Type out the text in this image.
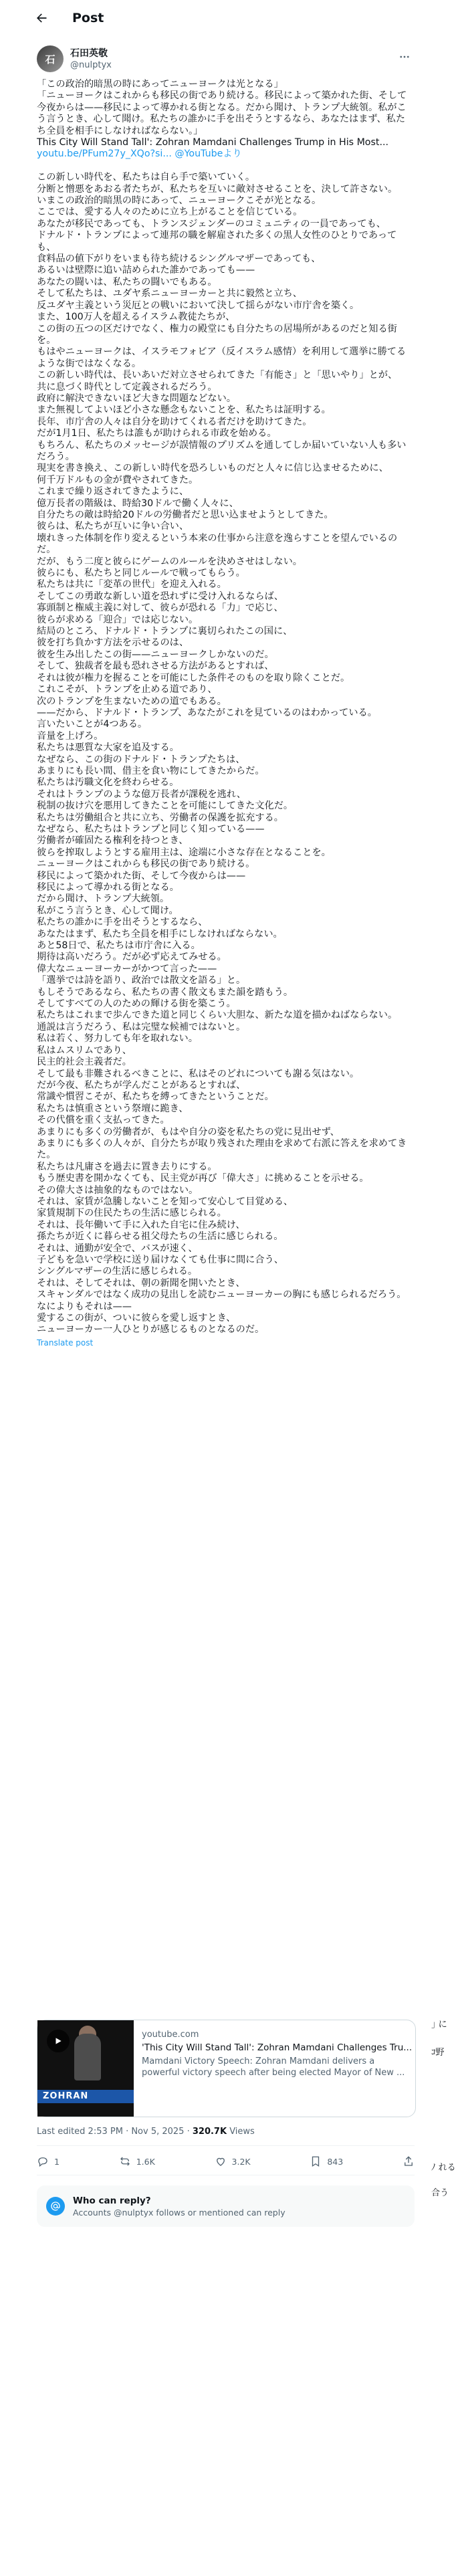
Post
石	石田英敬
@nulptyx
「この政治的暗黒の時にあってニューヨークは光となる」
「ニューヨークはこれからも移民の街であり続ける。移民によって築かれた街、そして今夜からは——移民によって導かれる街となる。だから聞け、トランプ大統領。私がこう言うとき、心して聞け。私たちの誰かに手を出そうとするなら、あなたはまず、私たち全員を相手にしなければならない。」
This City Will Stand Tall': Zohran Mamdani Challenges Trump in His Most... youtu.be/PFum27y_XQo?si... @YouTubeより
この新しい時代を、私たちは自ら手で築いていく。
分断と憎悪をあおる者たちが、私たちを互いに敵対させることを、決して許さない。
いまこの政治的暗黒の時にあって、ニューヨークこそが光となる。
ここでは、愛する人々のために立ち上がることを信じている。
あなたが移民であっても、トランスジェンダーのコミュニティの一員であっても、
ドナルド・トランプによって連邦の職を解雇された多くの黒人女性のひとりであっても、
食料品の値下がりをいまも待ち続けるシングルマザーであっても、
あるいは壁際に追い詰められた誰かであっても——
あなたの闘いは、私たちの闘いでもある。
そして私たちは、ユダヤ系ニューヨーカーと共に毅然と立ち、
反ユダヤ主義という災厄との戦いにおいて決して揺らがない市庁舎を築く。
また、100万人を超えるイスラム教徒たちが、
この街の五つの区だけでなく、権力の殿堂にも自分たちの居場所があるのだと知る街を。
もはやニューヨークは、イスラモフォビア（反イスラム感情）を利用して選挙に勝てるような街ではなくなる。
この新しい時代は、長いあいだ対立させられてきた「有能さ」と「思いやり」とが、
共に息づく時代として定義されるだろう。
政府に解決できないほど大きな問題などない。
また無視してよいほど小さな懸念もないことを、私たちは証明する。
長年、市庁舎の人々は自分を助けてくれる者だけを助けてきた。
だが1月1日、私たちは誰もが助けられる市政を始める。
もちろん、私たちのメッセージが誤情報のプリズムを通してしか届いていない人も多いだろう。
現実を書き換え、この新しい時代を恐ろしいものだと人々に信じ込ませるために、
何千万ドルもの金が費やされてきた。
これまで繰り返されてきたように、
億万長者の階級は、時給30ドルで働く人々に、
自分たちの敵は時給20ドルの労働者だと思い込ませようとしてきた。
彼らは、私たちが互いに争い合い、
壊れきった体制を作り変えるという本来の仕事から注意を逸らすことを望んでいるのだ。
だが、もう二度と彼らにゲームのルールを決めさせはしない。
彼らにも、私たちと同じルールで戦ってもらう。
私たちは共に「変革の世代」を迎え入れる。
そしてこの勇敢な新しい道を恐れずに受け入れるならば、
寡頭制と権威主義に対して、彼らが恐れる「力」で応じ、
彼らが求める「迎合」では応じない。
結局のところ、ドナルド・トランプに裏切られたこの国に、
彼を打ち負かす方法を示せるのは、
彼を生み出したこの街——ニューヨークしかないのだ。
そして、独裁者を最も恐れさせる方法があるとすれば、
それは彼が権力を握ることを可能にした条件そのものを取り除くことだ。
これこそが、トランプを止める道であり、
次のトランプを生まないための道でもある。
——だから、ドナルド・トランプ、あなたがこれを見ているのはわかっている。
言いたいことが4つある。
音量を上げろ。
私たちは悪質な大家を追及する。
なぜなら、この街のドナルド・トランプたちは、
あまりにも長い間、借主を食い物にしてきたからだ。
私たちは汚職文化を終わらせる。
それはトランプのような億万長者が課税を逃れ、
税制の抜け穴を悪用してきたことを可能にしてきた文化だ。
私たちは労働組合と共に立ち、労働者の保護を拡充する。
なぜなら、私たちはトランプと同じく知っている——
労働者が確固たる権利を持つとき、
彼らを搾取しようとする雇用主は、途端に小さな存在となることを。
ニューヨークはこれからも移民の街であり続ける。
移民によって築かれた街、そして今夜からは——
移民によって導かれる街となる。
だから聞け、トランプ大統領。
私がこう言うとき、心して聞け。
私たちの誰かに手を出そうとするなら、
あなたはまず、私たち全員を相手にしなければならない。
あと58日で、私たちは市庁舎に入る。
期待は高いだろう。だが必ず応えてみせる。
偉大なニューヨーカーがかつて言った——
「選挙では詩を語り、政治では散文を語る」と。
もしそうであるなら、私たちの書く散文もまた韻を踏もう。
そしてすべての人のための輝ける街を築こう。
私たちはこれまで歩んできた道と同じくらい大胆な、新たな道を描かねばならない。
通説は言うだろう、私は完璧な候補ではないと。
私は若く、努力しても年を取れない。
私はムスリムであり、
民主的社会主義者だ。
そして最も非難されるべきことに、私はそのどれについても謝る気はない。
だが今夜、私たちが学んだことがあるとすれば、
常識や慣習こそが、私たちを縛ってきたということだ。
私たちは慎重さという祭壇に跪き、
その代償を重く支払ってきた。
あまりにも多くの労働者が、もはや自分の姿を私たちの党に見出せず、
あまりにも多くの人々が、自分たちが取り残された理由を求めて右派に答えを求めてきた。
私たちは凡庸さを過去に置き去りにする。
もう歴史書を開かなくても、民主党が再び「偉大さ」に挑めることを示せる。
その偉大さは抽象的なものではない。
それは、家賃が急騰しないことを知って安心して目覚める、
家賃規制下の住民たちの生活に感じられる。
それは、長年働いて手に入れた自宅に住み続け、
孫たちが近くに暮らせる祖父母たちの生活に感じられる。
それは、通勤が安全で、バスが速く、
子どもを急いで学校に送り届けなくても仕事に間に合う、
シングルマザーの生活に感じられる。
それは、そしてそれは、朝の新聞を開いたとき、
スキャンダルではなく成功の見出しを読むニューヨーカーの胸にも感じられるだろう。
なによりもそれは——
愛するこの街が、ついに彼らを愛し返すとき、
ニューヨーカー一人ひとりが感じるものとなるのだ。
Translate post
ZOHRAN
youtube.com
'This City Will Stand Tall': Zohran Mamdani Challenges Tru...
Mamdani Victory Speech: Zohran Mamdani delivers a powerful victory speech after being elected Mayor of New ...
Last edited 2:53 PM · Nov 5, 2025 · 320.7K Views
1	1.6K	3.2K	843
Who can reply?
Accounts @nulptyx follows or mentioned can reply
｣ に
ｺ野
ﾉ れる
合う
